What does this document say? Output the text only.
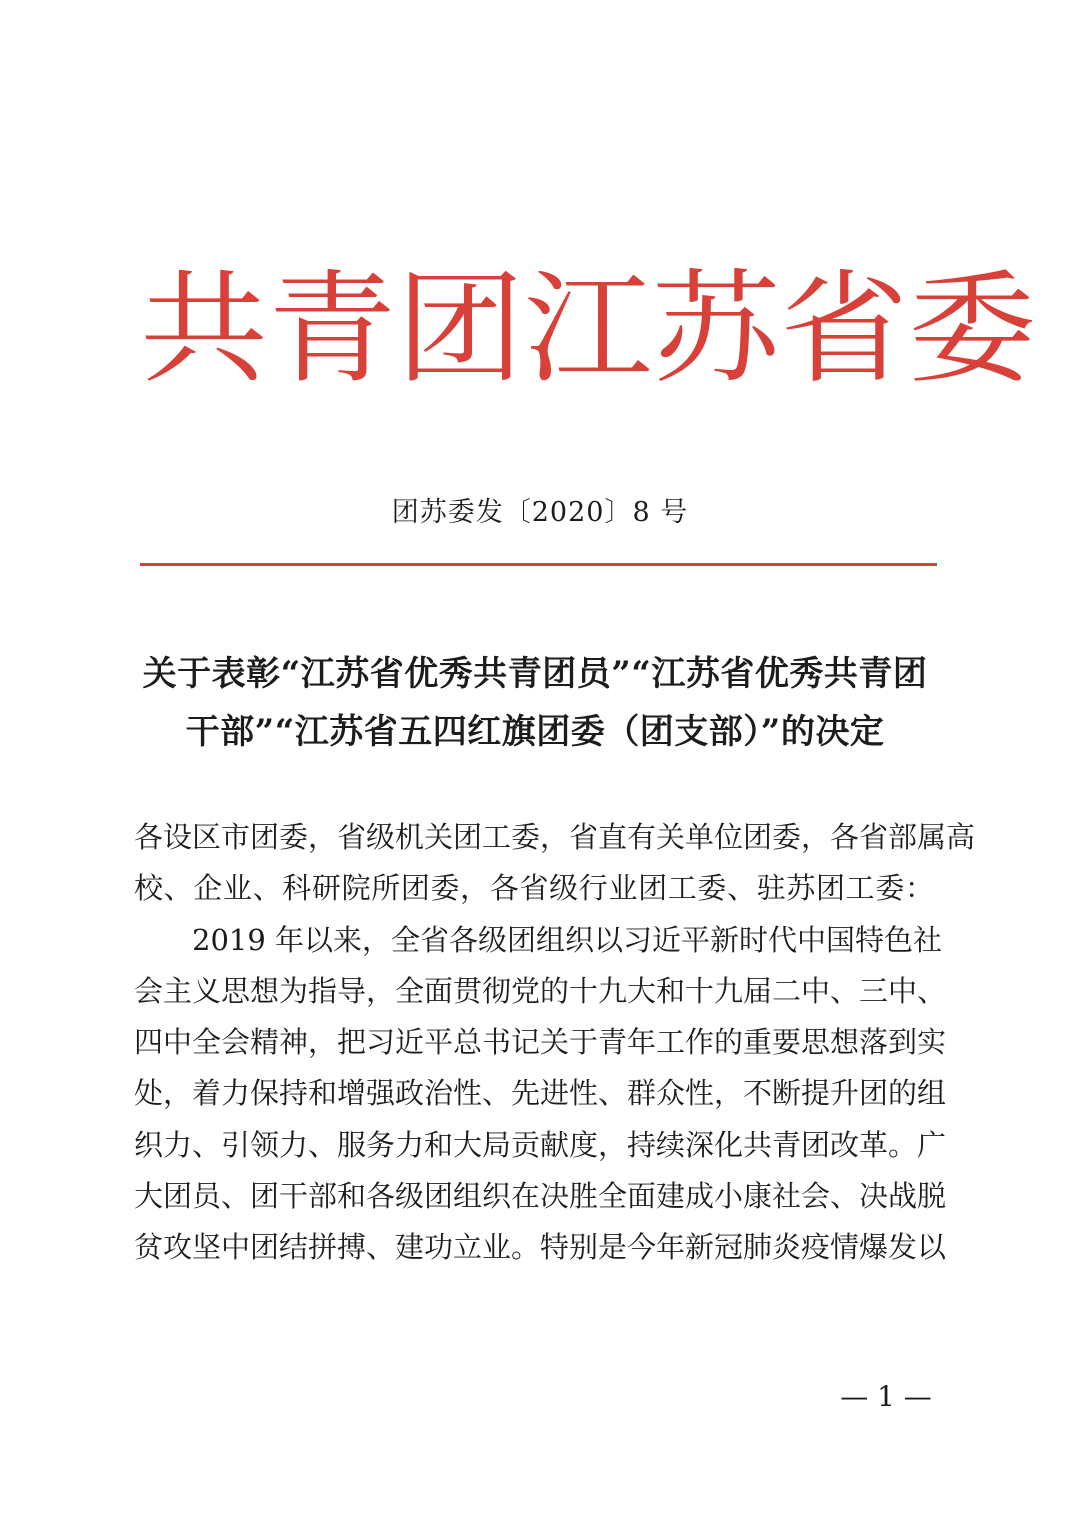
共 青 团 江 苏 省 委
团苏委发〔2020〕8 号
关于表彰“江苏省优秀共青团员”“江苏省优秀共青团
干部”“江苏省五四红旗团委（团支部）”的决定
各设区市团委，省级机关团工委，省直有关单位团委，各省部属高
校、企业、科研院所团委，各省级行业团工委、驻苏团工委：
2019 年以来，全省各级团组织以习近平新时代中国特色社
会主义思想为指导，全面贯彻党的十九大和十九届二中、三中、
四中全会精神，把习近平总书记关于青年工作的重要思想落到实
处，着力保持和增强政治性、先进性、群众性，不断提升团的组
织力、引领力、服务力和大局贡献度，持续深化共青团改革。广
大团员、团干部和各级团组织在决胜全面建成小康社会、决战脱
贫攻坚中团结拼搏、建功立业。特别是今年新冠肺炎疫情爆发以
— 1 —
